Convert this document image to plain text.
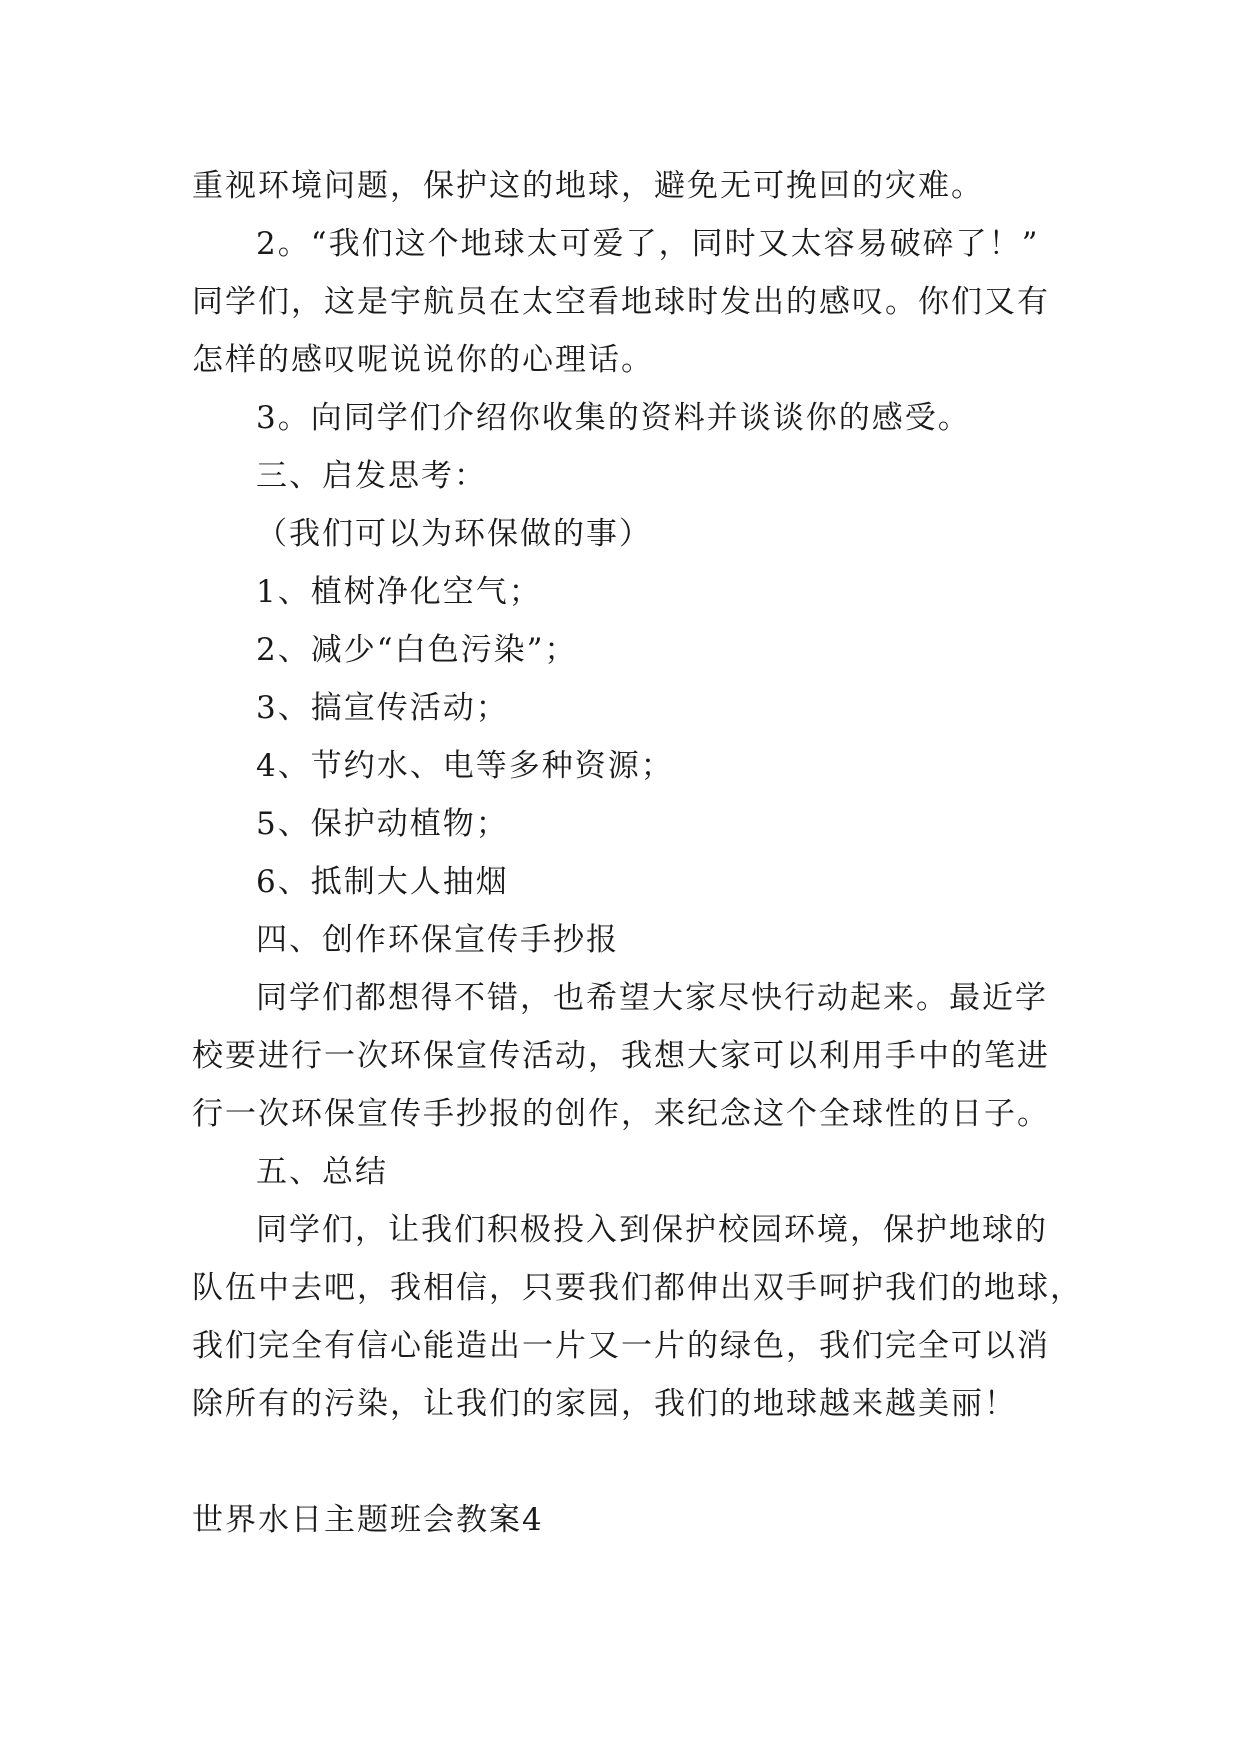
重视环境问题，保护这的地球，避免无可挽回的灾难。

2。“我们这个地球太可爱了，同时又太容易破碎了！”

同学们，这是宇航员在太空看地球时发出的感叹。你们又有

怎样的感叹呢说说你的心理话。

3。向同学们介绍你收集的资料并谈谈你的感受。

三、启发思考：

（我们可以为环保做的事）

1、植树净化空气；

2、减少“白色污染”；

3、搞宣传活动；

4、节约水、电等多种资源；

5、保护动植物；

6、抵制大人抽烟

四、创作环保宣传手抄报

同学们都想得不错，也希望大家尽快行动起来。最近学

校要进行一次环保宣传活动，我想大家可以利用手中的笔进

行一次环保宣传手抄报的创作，来纪念这个全球性的日子。

五、总结

同学们，让我们积极投入到保护校园环境，保护地球的

队伍中去吧，我相信，只要我们都伸出双手呵护我们的地球，

我们完全有信心能造出一片又一片的绿色，我们完全可以消

除所有的污染，让我们的家园，我们的地球越来越美丽！

世界水日主题班会教案4
